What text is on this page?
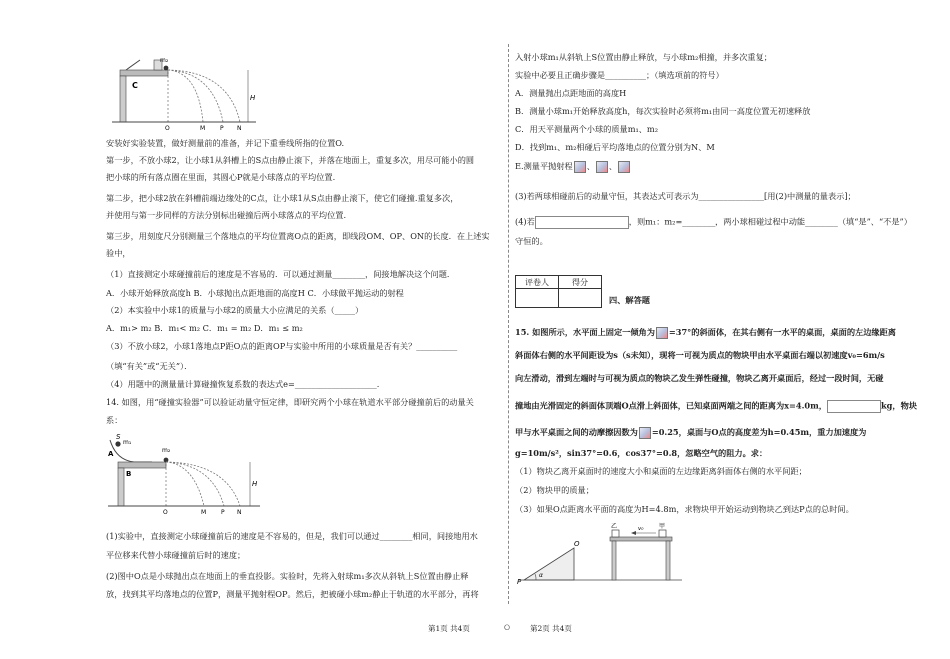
m₂
C
H
O	M P N
安装好实验装置，做好测量前的准备，并记下重垂线所指的位置O.
第一步，不放小球2，让小球1从斜槽上的S点由静止滚下，并落在地面上，重复多次，用尽可能小的圆
把小球的所有落点圈在里面，其圆心P就是小球落点的平均位置.
第二步，把小球2放在斜槽前端边缘处的C点，让小球1从S点由静止滚下，使它们碰撞.重复多次，
并使用与第一步同样的方法分别标出碰撞后两小球落点的平均位置.
第三步，用刻度尺分别测量三个落地点的平均位置离O点的距离，即线段OM、OP、ON的长度．在上述实
验中，
（1）直接测定小球碰撞前后的速度是不容易的．可以通过测量________，间接地解决这个问题．
A．小球开始释放高度h B．小球抛出点距地面的高度H C．小球做平抛运动的射程
（2）本实验中小球1的质量与小球2的质量大小应满足的关系（_____）
A．m₁> m₂ B．m₁< m₂ C．m₁ = m₂ D．m₁ ≤ m₂
（3）不放小球2，小球1落地点P距O点的距离OP与实验中所用的小球质量是否有关？__________
（填“有关”或“无关”）．
（4）用题中的测量量计算碰撞恢复系数的表达式e=____________________.
14. 如图，用“碰撞实验器”可以验证动量守恒定律，即研究两个小球在轨道水平部分碰撞前后的动量关
系：
S
m₁
A
B
m₂
H
O	M P N
(1)实验中，直接测定小球碰撞前后的速度是不容易的，但是，我们可以通过________相同，间接地用水
平位移来代替小球碰撞前后时的速度；
(2)图中O点是小球抛出点在地面上的垂直投影。实验时，先将入射球m₁多次从斜轨上S位置由静止释
放，找到其平均落地点的位置P，测量平抛射程OP。然后，把被碰小球m₂静止于轨道的水平部分，再将
入射小球m₁从斜轨上S位置由静止释放，与小球m₂相撞，并多次重复；
实验中必要且正确步骤是__________；（填选项前的符号）
A．测量抛出点距地面的高度H
B．测量小球m₁开始释放高度h，每次实验时必须将m₁由同一高度位置无初速释放
C．用天平测量两个小球的质量m₁、m₂
D．找到m₁、m₂相碰后平均落地点的位置分别为N、M
E.测量平抛射程 、 、
(3)若两球相碰前后的动量守恒，其表达式可表示为________________[用(2)中测量的量表示]；
(4)若	，则m₁：m₂=________，两小球相碰过程中动能________（填“是”、“不是”）
守恒的。
评卷人	得分

四、解答题
15. 如图所示，水平面上固定一倾角为 =37°的斜面体，在其右侧有一水平的桌面，桌面的左边缘距离
斜面体右侧的水平间距设为s（s未知），现将一可视为质点的物块甲由水平桌面右端以初速度v₀=6m/s
向左滑动，滑到左端时与可视为质点的物块乙发生弹性碰撞，物块乙离开桌面后，经过一段时间，无碰
撞地由光滑固定的斜面体顶端O点滑上斜面体，已知桌面两端之间的距离为x=4.0m，	kg，物块
甲与水平桌面之间的动摩擦因数为 =0.25，桌面与O点的高度差为h=0.45m，重力加速度为
g=10m/s²，sin37°=0.6，cos37°=0.8，忽略空气的阻力。求：
（1）物块乙离开桌面时的速度大小和桌面的左边缘距离斜面体右侧的水平间距；
（2）物块甲的质量；
（3）如果O点距离水平面的高度为H=4.8m，求物块甲开始运动到物块乙到达P点的总时间。
α
P
O
乙	甲
v₀
第1页 共4页	⭘	第2页 共4页
